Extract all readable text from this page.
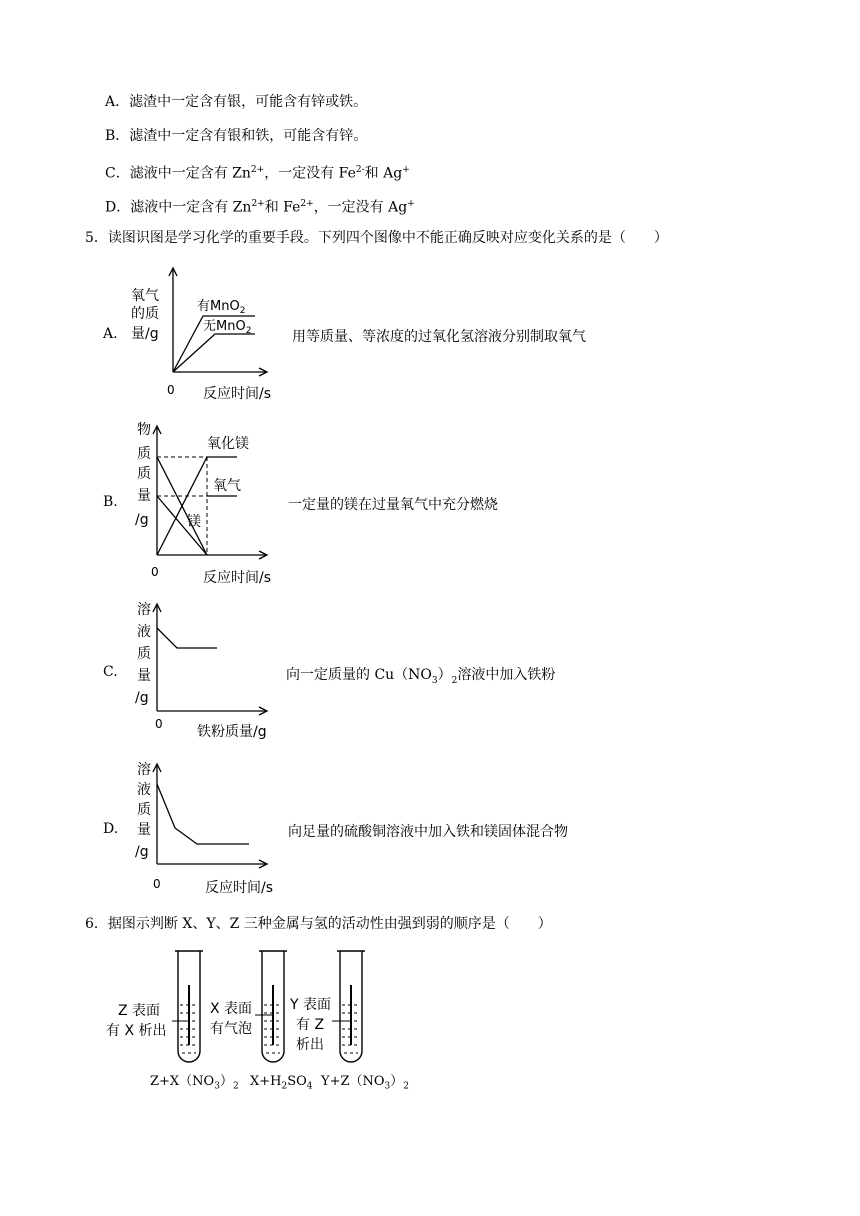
A．滤渣中一定含有银，可能含有锌或铁。
B．滤渣中一定含有银和铁，可能含有锌。
C．滤液中一定含有 $Zn^{2+}$，一定没有 $Fe^{2-}$和 Ag+
D．滤液中一定含有 $Zn^{2+}$和 $Fe^{2+}$，一定没有 Ag+
5．读图识图是学习化学的重要手段。下列四个图像中不能正确反映对应变化关系的是（　　）
A.
氧气
的质
量/g
0 反应时间/s
有MnO$_2$
无MnO$_2$	用等质量、等浓度的过氧化氢溶液分别制取氧气
B.
物
质
质
量
/g
0	反应时间/s
氧化镁
氧气
镁
一定量的镁在过量氧气中充分燃烧
C.
溶
液
质
量
/g
0 铁粉质量/g
向一定质量的 $Cu(NO_3)_2$溶液中加入铁粉
D.
溶
液
质
量
/g
0	反应时间/s
向足量的硫酸铜溶液中加入铁和镁固体混合物
6．据图示判断 X、Y、Z 三种金属与氢的活动性由强到弱的顺序是（　　）
Z 表面
有 X 析出
X 表面
有气泡
Y 表面
有 Z
析出
$Z+X(NO_3)_2$ $X+H_2SO_4$ $Y+Z(NO_3)_2$
